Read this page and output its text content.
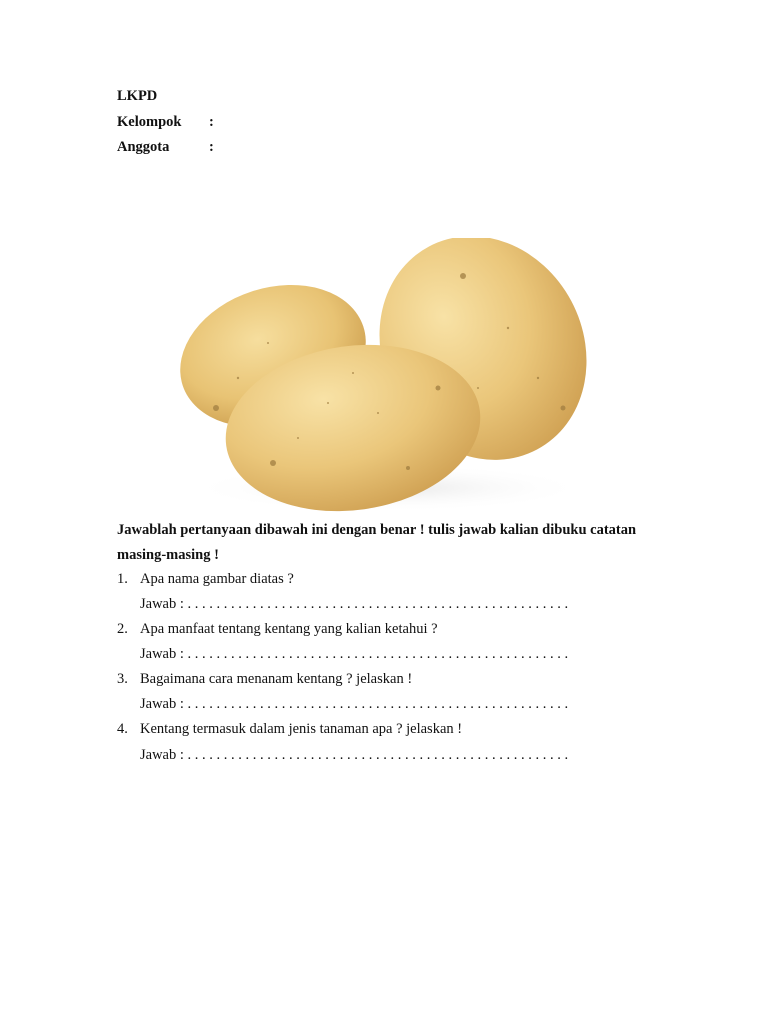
LKPD
Kelompok :
Anggota	:
Jawablah pertanyaan dibawah ini dengan benar ! tulis jawab kalian dibuku catatan masing-masing !
1. Apa nama gambar diatas ?
Jawab : . . . . . . . . . . . . . . . . . . . . . . . . . . . . . . . . . . . . . . . . . . . . . . . . . . . . .
2. Apa manfaat tentang kentang yang kalian ketahui ?
Jawab : . . . . . . . . . . . . . . . . . . . . . . . . . . . . . . . . . . . . . . . . . . . . . . . . . . . . .
3. Bagaimana cara menanam kentang ? jelaskan !
Jawab : . . . . . . . . . . . . . . . . . . . . . . . . . . . . . . . . . . . . . . . . . . . . . . . . . . . . .
4. Kentang termasuk dalam jenis tanaman apa ? jelaskan !
Jawab : . . . . . . . . . . . . . . . . . . . . . . . . . . . . . . . . . . . . . . . . . . . . . . . . . . . . .
